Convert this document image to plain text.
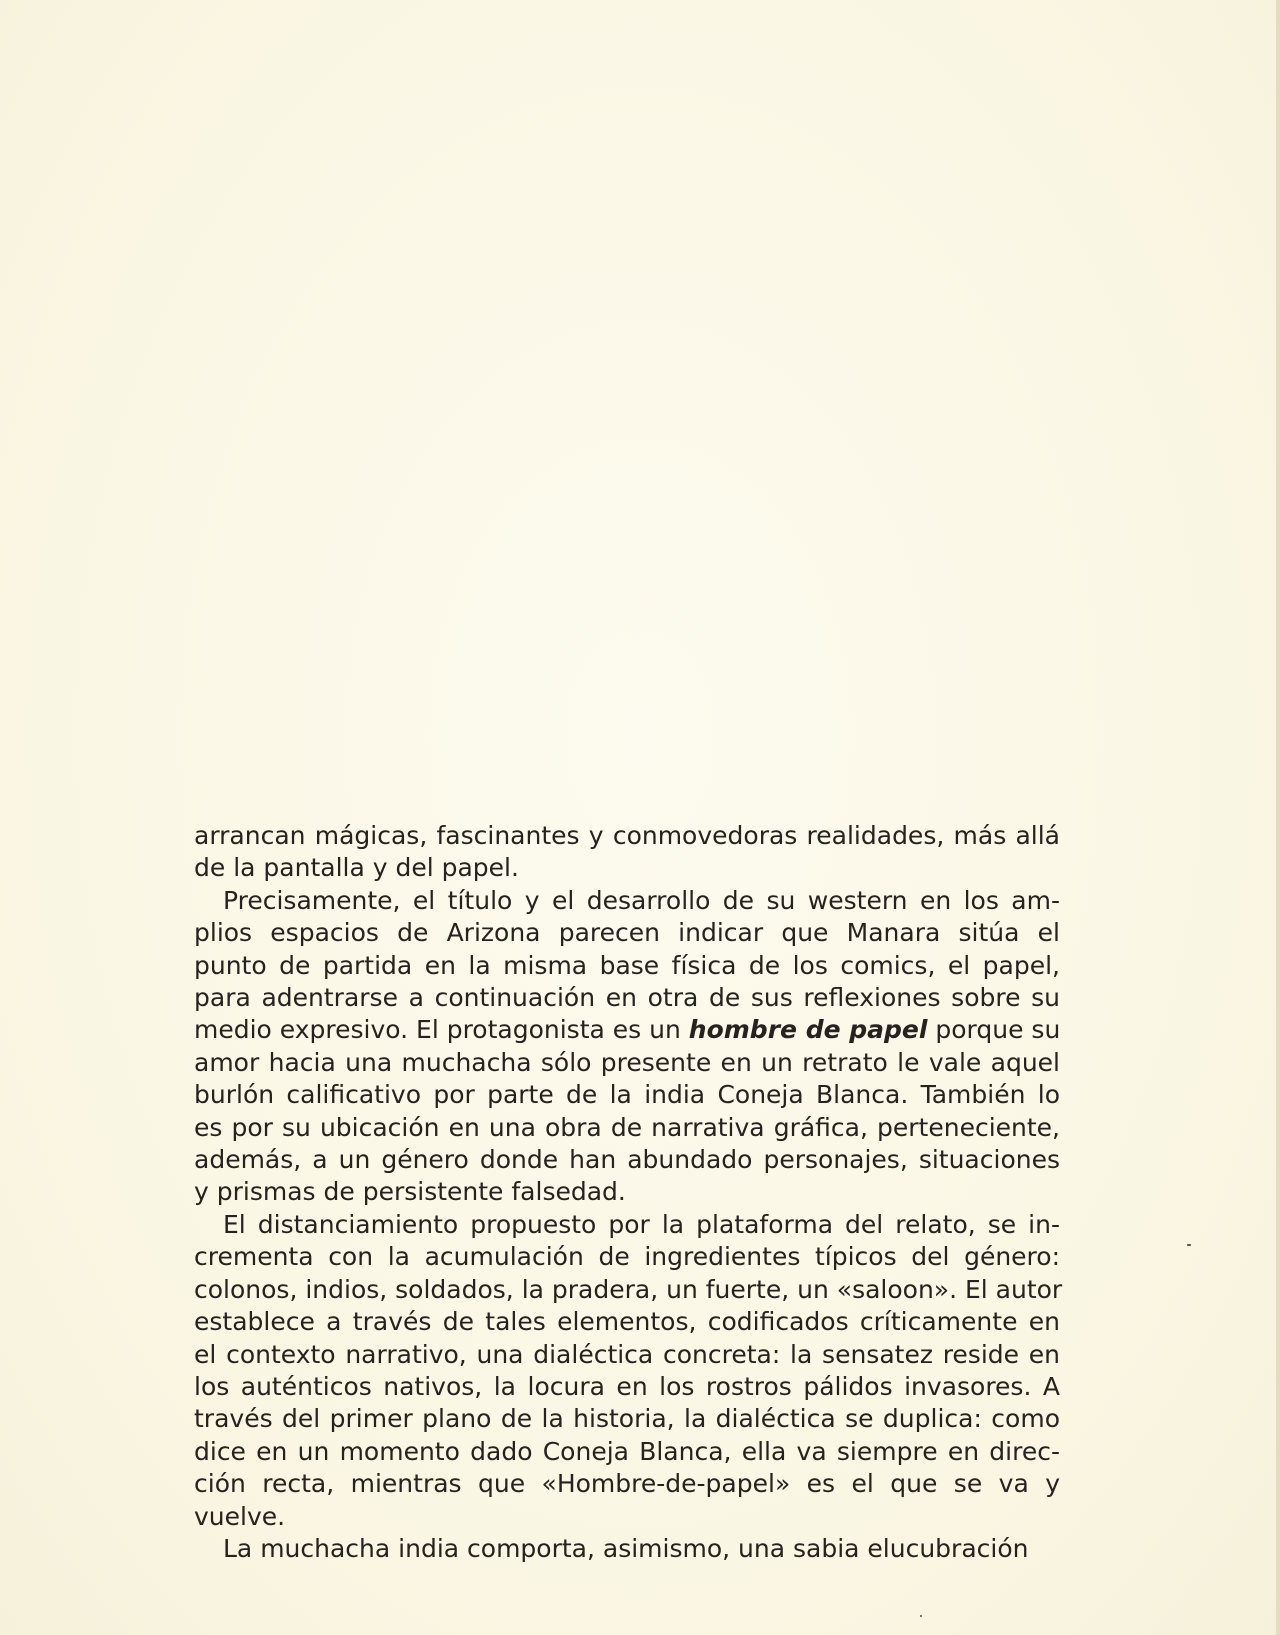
arrancan mágicas, fascinantes y conmovedoras realidades, más allá
de la pantalla y del papel.

Precisamente, el título y el desarrollo de su western en los am-
plios espacios de Arizona parecen indicar que Manara sitúa el
punto de partida en la misma base física de los comics, el papel,
para adentrarse a continuación en otra de sus reflexiones sobre su
medio expresivo. El protagonista es un hombre de papel porque su
amor hacia una muchacha sólo presente en un retrato le vale aquel
burlón calificativo por parte de la india Coneja Blanca. También lo
es por su ubicación en una obra de narrativa gráfica, perteneciente,
además, a un género donde han abundado personajes, situaciones
y prismas de persistente falsedad.

El distanciamiento propuesto por la plataforma del relato, se in-
crementa con la acumulación de ingredientes típicos del género:
colonos, indios, soldados, la pradera, un fuerte, un «saloon». El autor
establece a través de tales elementos, codificados críticamente en
el contexto narrativo, una dialéctica concreta: la sensatez reside en
los auténticos nativos, la locura en los rostros pálidos invasores. A
través del primer plano de la historia, la dialéctica se duplica: como
dice en un momento dado Coneja Blanca, ella va siempre en direc-
ción recta, mientras que «Hombre-de-papel» es el que se va y
vuelve.

La muchacha india comporta, asimismo, una sabia elucubración
